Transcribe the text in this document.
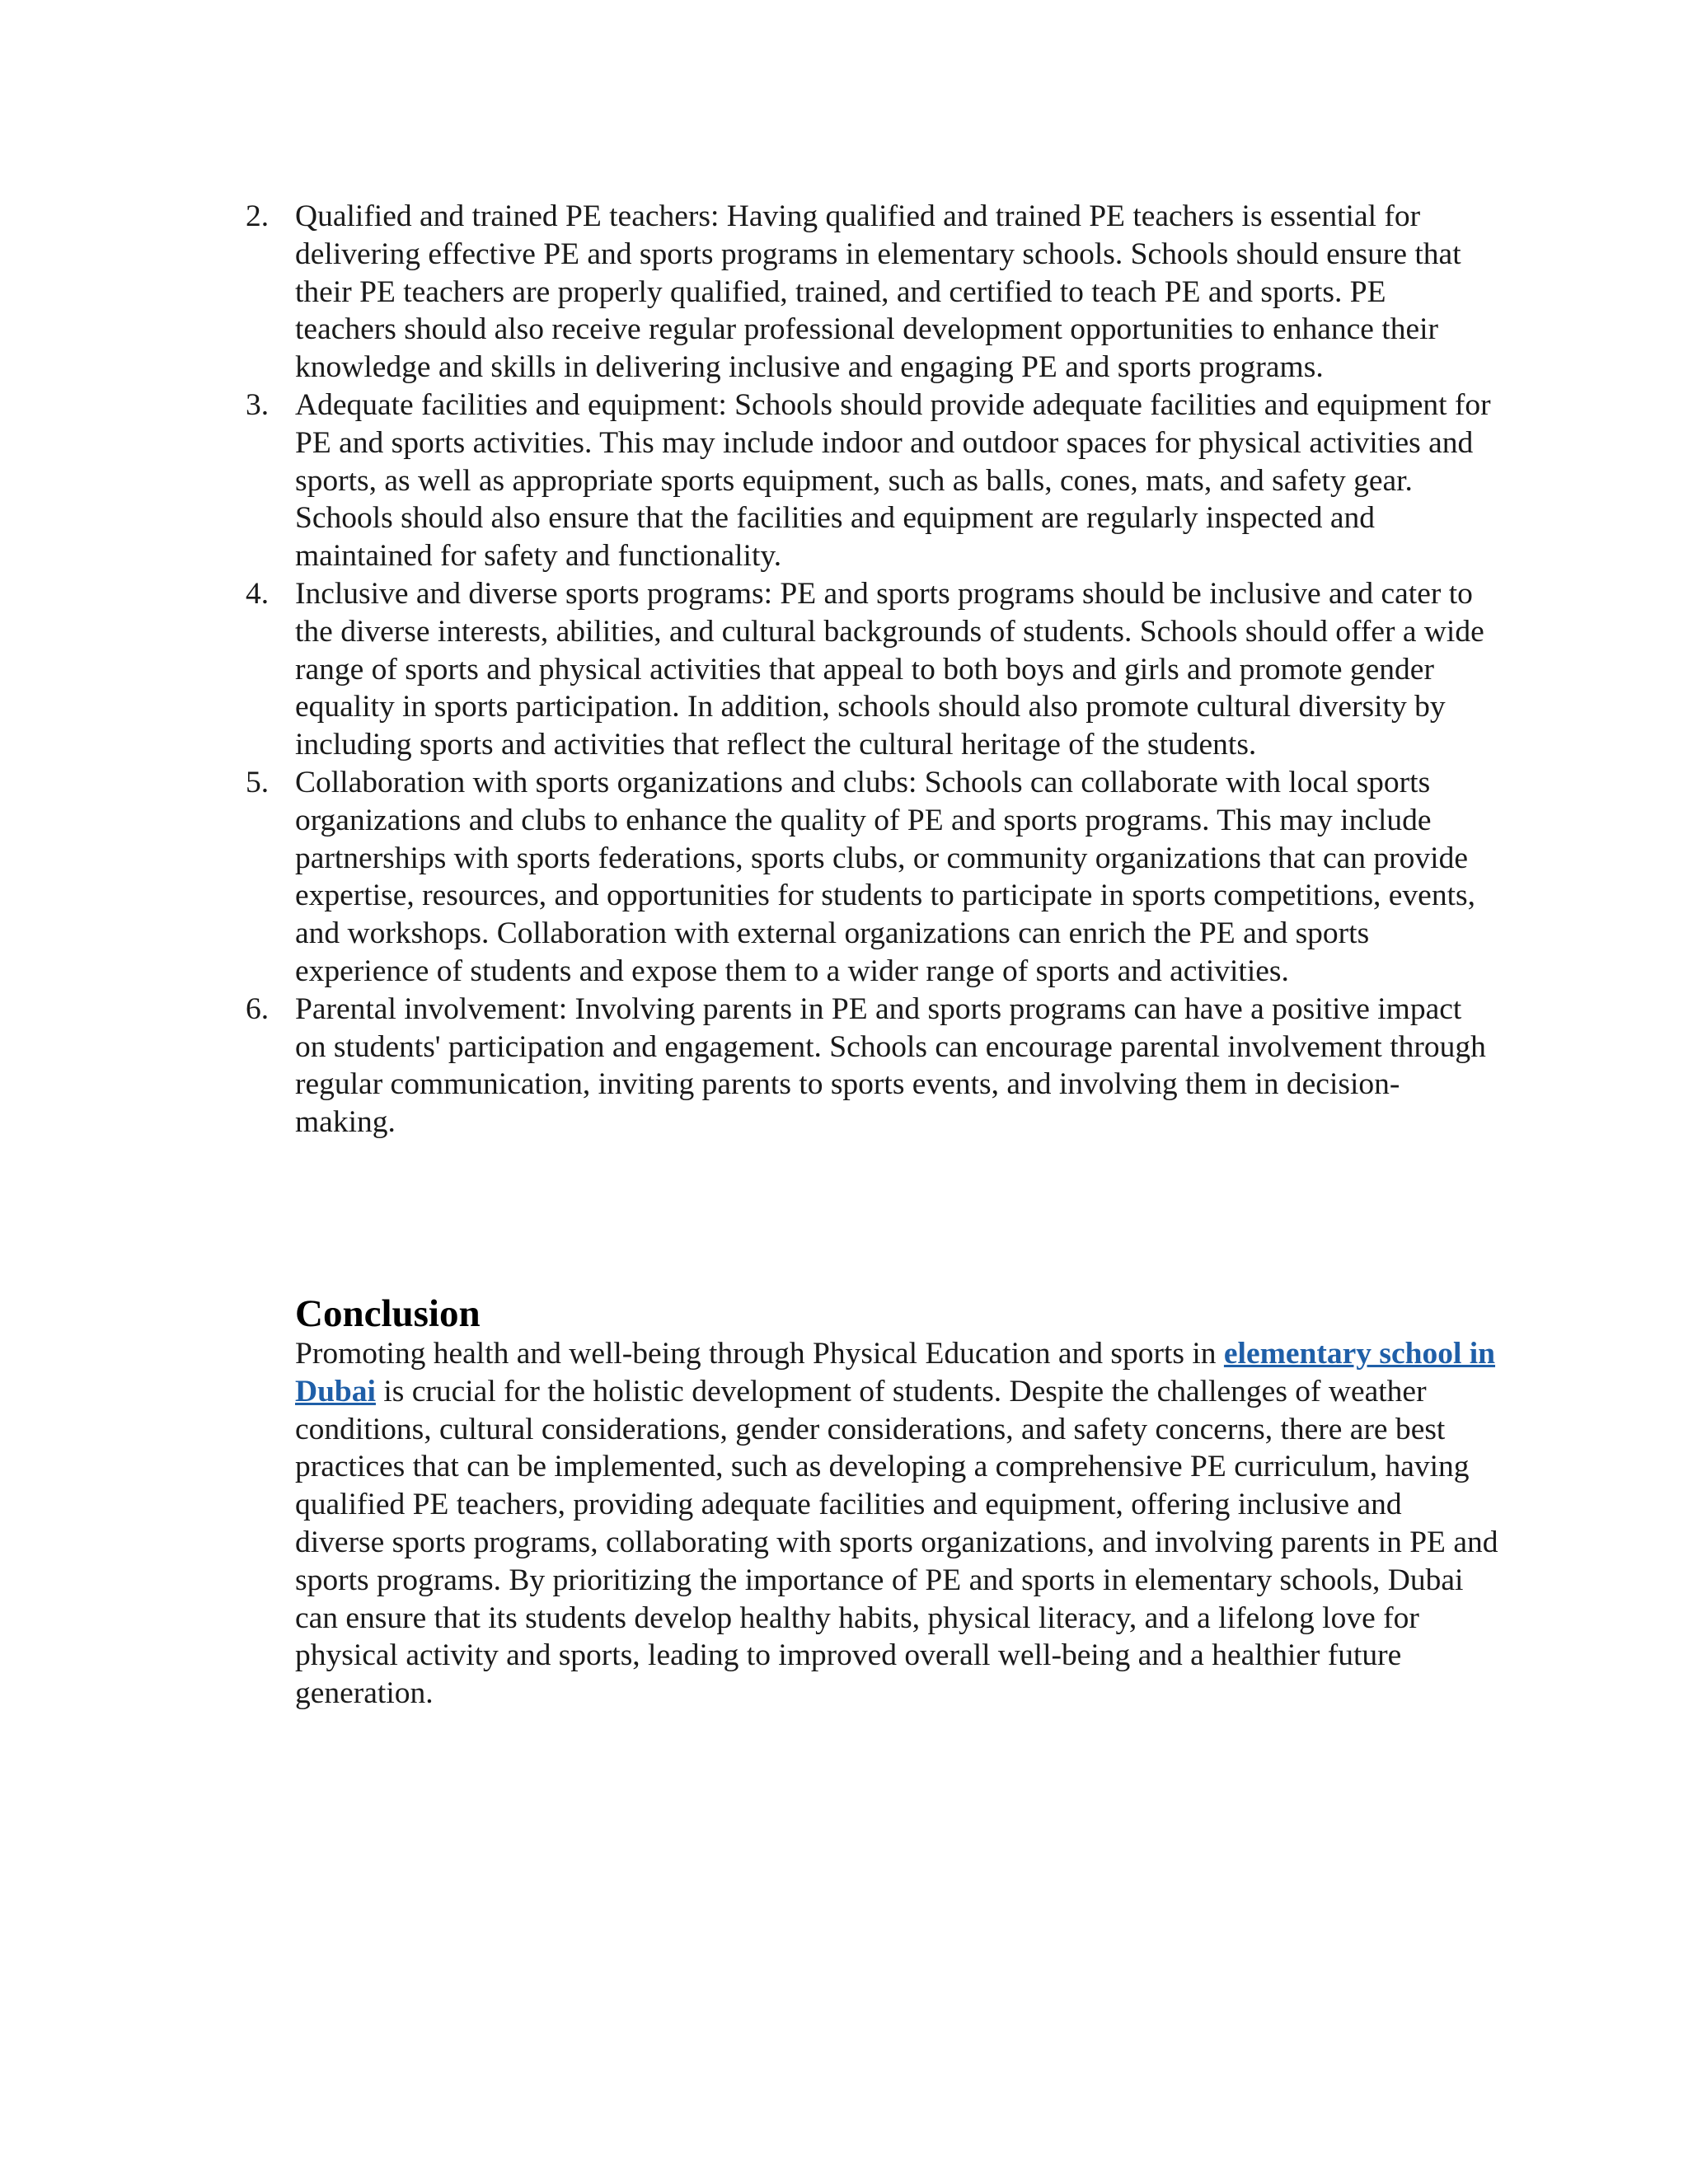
2. Qualified and trained PE teachers: Having qualified and trained PE teachers is essential for delivering effective PE and sports programs in elementary schools. Schools should ensure that their PE teachers are properly qualified, trained, and certified to teach PE and sports. PE teachers should also receive regular professional development opportunities to enhance their knowledge and skills in delivering inclusive and engaging PE and sports programs.
3. Adequate facilities and equipment: Schools should provide adequate facilities and equipment for PE and sports activities. This may include indoor and outdoor spaces for physical activities and sports, as well as appropriate sports equipment, such as balls, cones, mats, and safety gear. Schools should also ensure that the facilities and equipment are regularly inspected and maintained for safety and functionality.
4. Inclusive and diverse sports programs: PE and sports programs should be inclusive and cater to the diverse interests, abilities, and cultural backgrounds of students. Schools should offer a wide range of sports and physical activities that appeal to both boys and girls and promote gender equality in sports participation. In addition, schools should also promote cultural diversity by including sports and activities that reflect the cultural heritage of the students.
5. Collaboration with sports organizations and clubs: Schools can collaborate with local sports organizations and clubs to enhance the quality of PE and sports programs. This may include partnerships with sports federations, sports clubs, or community organizations that can provide expertise, resources, and opportunities for students to participate in sports competitions, events, and workshops. Collaboration with external organizations can enrich the PE and sports experience of students and expose them to a wider range of sports and activities.
6. Parental involvement: Involving parents in PE and sports programs can have a positive impact on students' participation and engagement. Schools can encourage parental involvement through regular communication, inviting parents to sports events, and involving them in decision-making.
Conclusion

Promoting health and well-being through Physical Education and sports in elementary school in Dubai is crucial for the holistic development of students. Despite the challenges of weather conditions, cultural considerations, gender considerations, and safety concerns, there are best practices that can be implemented, such as developing a comprehensive PE curriculum, having qualified PE teachers, providing adequate facilities and equipment, offering inclusive and diverse sports programs, collaborating with sports organizations, and involving parents in PE and sports programs. By prioritizing the importance of PE and sports in elementary schools, Dubai can ensure that its students develop healthy habits, physical literacy, and a lifelong love for physical activity and sports, leading to improved overall well-being and a healthier future generation.
